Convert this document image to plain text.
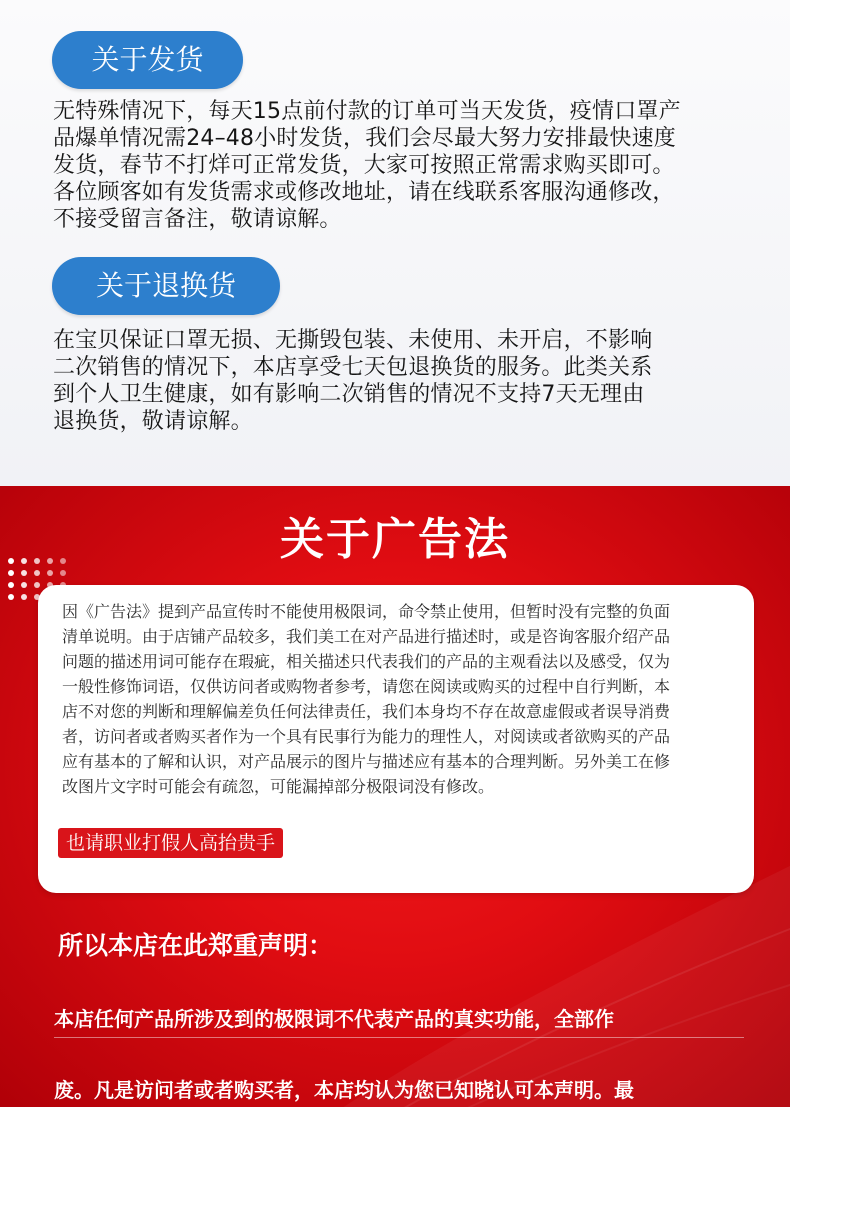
关于发货

无特殊情况下，每天15点前付款的订单可当天发货，疫情口罩产
品爆单情况需24–48小时发货，我们会尽最大努力安排最快速度
发货，春节不打烊可正常发货，大家可按照正常需求购买即可。
各位顾客如有发货需求或修改地址，请在线联系客服沟通修改，
不接受留言备注，敬请谅解。

关于退换货

在宝贝保证口罩无损、无撕毁包装、未使用、未开启，不影响
二次销售的情况下，本店享受七天包退换货的服务。此类关系
到个人卫生健康，如有影响二次销售的情况不支持7天无理由
退换货，敬请谅解。

关于广告法

因《广告法》提到产品宣传时不能使用极限词，命令禁止使用，但暂时没有完整的负面
清单说明。由于店铺产品较多，我们美工在对产品进行描述时，或是咨询客服介绍产品
问题的描述用词可能存在瑕疵，相关描述只代表我们的产品的主观看法以及感受，仅为
一般性修饰词语，仅供访问者或购物者参考，请您在阅读或购买的过程中自行判断，本
店不对您的判断和理解偏差负任何法律责任，我们本身均不存在故意虚假或者误导消费
者，访问者或者购买者作为一个具有民事行为能力的理性人，对阅读或者欲购买的产品
应有基本的了解和认识，对产品展示的图片与描述应有基本的合理判断。另外美工在修
改图片文字时可能会有疏忽，可能漏掉部分极限词没有修改。

也请职业打假人高抬贵手
所以本店在此郑重声明：

本店任何产品所涉及到的极限词不代表产品的真实功能，全部作

废。凡是访问者或者购买者，本店均认为您已知晓认可本声明。最

后祝您购物愉快！
